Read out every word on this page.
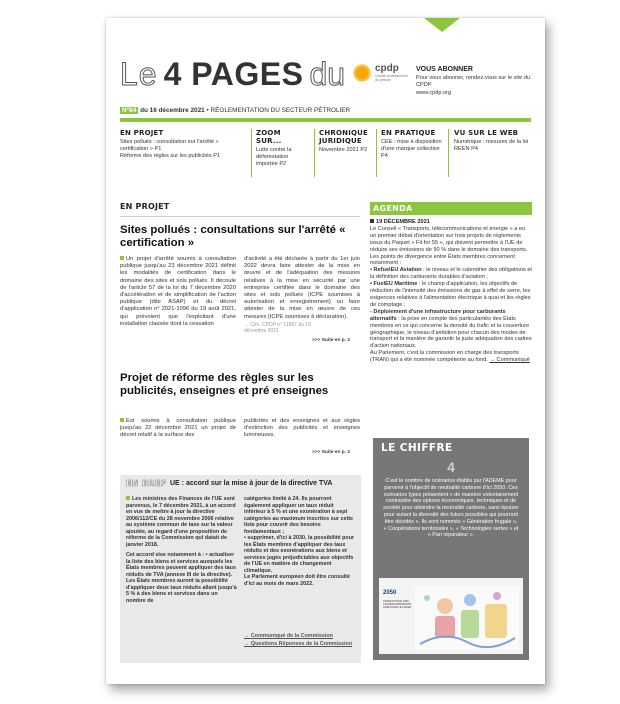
Le 4 PAGES du	cpdp
comité professionnel du pétrole
VOUS ABONNER
Pour vous abonner, rendez-vous sur le site du CPDP
www.cpdp.org
N°84 du 16 décembre 2021 • RÉGLEMENTATION DU SECTEUR PÉTROLIER
EN PROJET
Sites pollués : consultation sur l'arrêté « certification » P1
Réforme des règles sur les publicités P1
ZOOM SUR...
Lutte contre la déforestation importée P2
CHRONIQUE JURIDIQUE
Novembre 2021 P2
EN PRATIQUE
CEE : mise à disposition d'une marque collective P4
VU SUR LE WEB
Numérique : mesures de la loi REEN P4
EN PROJET
Sites pollués : consultations sur l'arrêté « certification »
Un projet d'arrêté soumis à consultation publique jusqu'au 23 décembre 2021 définit les modalités de certification dans le domaine des sites et sols pollués. Il découle de l'article 57 de la loi du 7 décembre 2020 d'accélération et de simplification de l'action publique (dite ASAP) et du décret d'application n° 2021-1096 du 19 août 2021, qui prévoient que l'exploitant d'une installation classée dont la cessation
d'activité a été déclarée à partir du 1er juin 2022 devra faire attester de la mise en œuvre et de l'adéquation des mesures relatives à la mise en sécurité par une entreprise certifiée dans le domaine des sites et sols pollués (ICPE soumises à autorisation et enregistrement) ou faire attester de la mise en œuvre de ces mesures (ICPE soumises à déclaration).
→ Circ. CPDP n° 11687 du 19 décembre 2021
>>> Suite en p. 2
Projet de réforme des règles sur les publicités, enseignes et pré enseignes
Est soumis à consultation publique jusqu'au 22 décembre 2021 un projet de décret relatif à la surface des
publicités et des enseignes et aux règles d'extinction des publicités et enseignes lumineuses.
>>> Suite en p. 2
AGENDA
19 DÉCEMBRE 2021
Le Conseil « Transports, télécommunications et énergie » a eu un premier débat d'orientation sur trois projets de règlements issus du Paquet « Fit for 55 », qui doivent permettre à l'UE de réduire ses émissions de 90 % dans le domaine des transports. Les points de divergence entre États membres concernent notamment :
• RefuelEU Aviation : le niveau et le calendrier des obligations et la définition des carburants durables d'aviation ;
• FuelEU Maritime : le champ d'application, les objectifs de réduction de l'intensité des émissions de gaz à effet de serre, les exigences relatives à l'alimentation électrique à quai et les règles de comptage ;
- Déploiement d'une infrastructure pour carburants alternatifs : la prise en compte des particularités des États membres en ce qui concerne la densité du trafic et la couverture géographique, le niveau d'ambition pour chacun des modes de transport et la manière de garantir la juste adéquation des cadres d'action nationaux.
Au Parlement, c'est la commission en charge des transports (TRAN) qui a été nommée compétente au fond. → Communiqué
LE CHIFFRE
4
C'est le nombre de scénarios établis par l'ADEME pour parvenir à l'objectif de neutralité carbone d'ici 2050. Ces scénarios types présentent « de manière volontairement contrastée des options économiques, techniques et de société pour atteindre la neutralité carbone, sans épuiser pour autant la diversité des futurs possibles qui pourront être décidés ». Ils sont nommés « Génération frugale », « Coopérations territoriales », « Technologies vertes » et « Pari réparateur ».
2050
TRANSITION(S) 2050 CHOISIR MAINTENANT AGIR POUR LE CLIMAT
EN BREF UE : accord sur la mise à jour de la directive TVA
Les ministres des Finances de l'UE sont parvenus, le 7 décembre 2021, à un accord en vue de mettre à jour la directive 2006/112/CE du 28 novembre 2006 relative au système commun de taxe sur la valeur ajoutée, au regard d'une proposition de réforme de la Commission qui datait de janvier 2018.
Cet accord vise notamment à : • actualiser la liste des biens et services auxquels les États membres peuvent appliquer des taux réduits de TVA (annexe III de la directive). Les États membres auront la possibilité d'appliquer deux taux réduits allant jusqu'à 5 % à des biens et services dans un nombre de
catégories limité à 24. Ils pourront également appliquer un taux réduit inférieur à 5 % et une exonération à sept catégories au maximum inscrites sur cette liste pour couvrir des besoins fondamentaux ;
• supprimer, d'ici à 2030, la possibilité pour les États membres d'appliquer des taux réduits et des exonérations aux biens et services jugés préjudiciables aux objectifs de l'UE en matière de changement climatique.
Le Parlement européen doit être consulté d'ici au mois de mars 2022.
→ Communiqué de la Commission
→ Questions Réponses de la Commission
